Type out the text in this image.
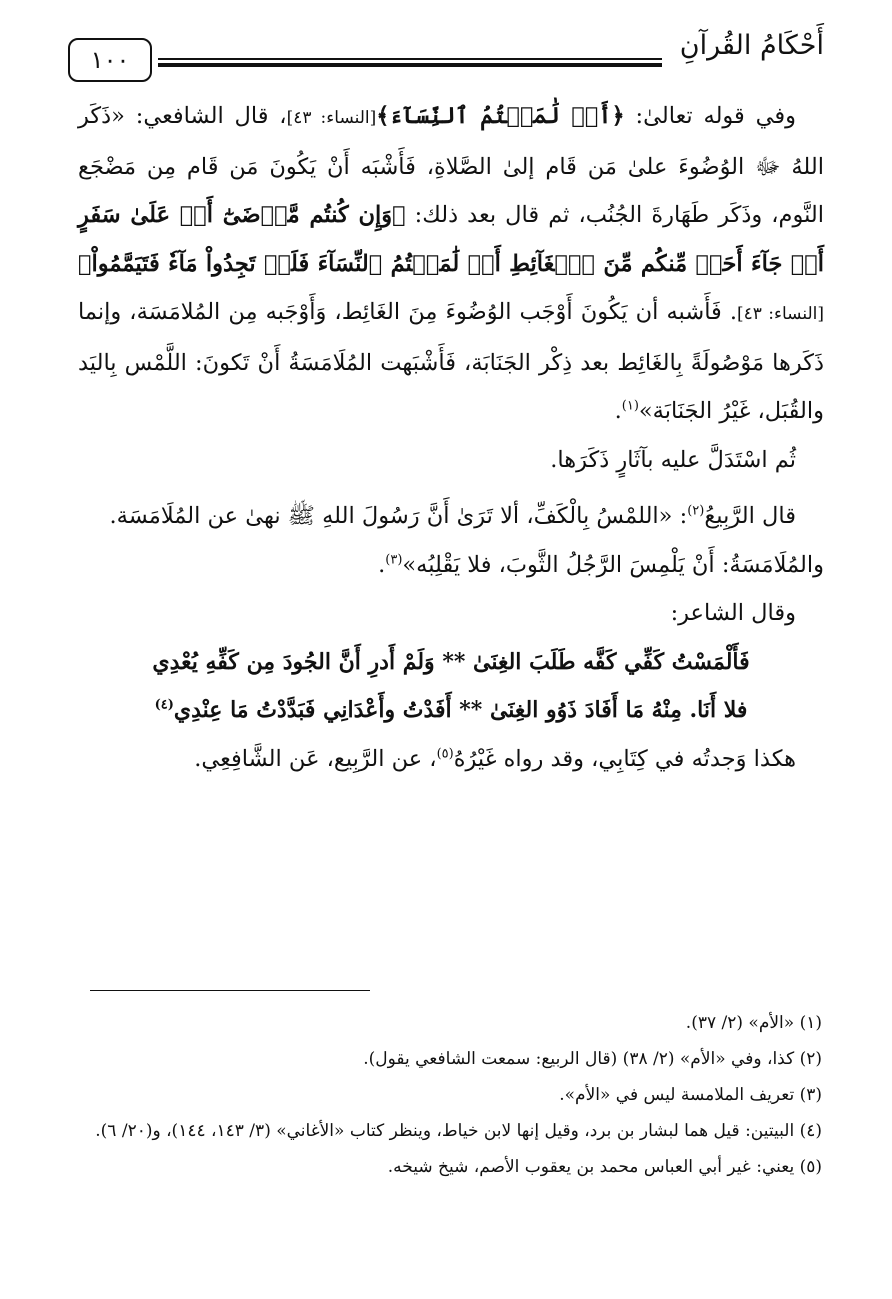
أَحْكَامُ القُرآنِ
١٠٠

وفي قوله تعالىٰ: ﴿أَوۡ لَٰمَسۡتُمُ ٱلنِّسَآءَ﴾[النساء: ٤٣]، قال الشافعي: «ذَكَر اللهُ ﷻ الوُضُوءَ علىٰ مَن قَام إلىٰ الصَّلاةِ، فَأَشْبَه أَنْ يَكُونَ مَن قَام مِن مَضْجَع النَّوم، وذَكَر طَهَارةَ الجُنُب، ثم قال بعد ذلك: ﴿وَإِن كُنتُم مَّرۡضَىٰٓ أَوۡ عَلَىٰ سَفَرٍ أَوۡ جَآءَ أَحَدٞ مِّنكُم مِّنَ ٱلۡغَآئِطِ أَوۡ لَٰمَسۡتُمُ ٱلنِّسَآءَ فَلَمۡ تَجِدُواْ مَآءٗ فَتَيَمَّمُواْ﴾[النساء: ٤٣]. فَأَشبه أن يَكُونَ أَوْجَب الوُضُوءَ مِنَ الغَائِط، وَأَوْجَبه مِن المُلامَسَة، وإنما ذَكَرها مَوْصُولَةً بِالغَائِط بعد ذِكْر الجَنَابَة، فَأَشْبَهت المُلَامَسَةُ أَنْ تَكونَ: اللَّمْس بِاليَد والقُبَل، غَيْرُ الجَنَابَة»$^{(١)}$.

ثُم اسْتَدَلَّ عليه بآثَارٍ ذَكَرَها.

قال الرَّبِيعُ$^{(٢)}$: «اللمْسُ بِالْكَفِّ، ألا تَرَىٰ أَنَّ رَسُولَ اللهِ ﷺ نهىٰ عن المُلَامَسَة.

والمُلَامَسَةُ: أَنْ يَلْمِسَ الرَّجُلُ الثَّوبَ، فلا يَقْلِبُه»$^{(٣)}$.

وقال الشاعر:

فَأَلْمَسْتُ كَفِّي كَفَّه طَلَبَ الغِنَىٰ ** وَلَمْ أَدرِ أَنَّ الجُودَ مِن كَفِّهِ يُعْدِي

فلا أَنَا. مِنْهُ مَا أَفَادَ ذَوُو الغِنَىٰ ** أَفَدْتُ وأَعْدَانِي فَبَدَّدْتُ مَا عِنْدِي$^{(٤)}$

هكذا وَجدتُه في كِتَابِي، وقد رواه غَيْرُهُ$^{(٥)}$، عن الرَّبِيع، عَن الشَّافِعِي.

(١) «الأم» (٢/ ٣٧).

(٢) كذا، وفي «الأم» (٢/ ٣٨) (قال الربيع: سمعت الشافعي يقول).

(٣) تعريف الملامسة ليس في «الأم».

(٤) البيتين: قيل هما لبشار بن برد، وقيل إنها لابن خياط، وينظر كتاب «الأغاني» (٣/ ١٤٣، ١٤٤)، و(٢٠/ ٦).

(٥) يعني: غير أبي العباس محمد بن يعقوب الأصم، شيخ شيخه.
